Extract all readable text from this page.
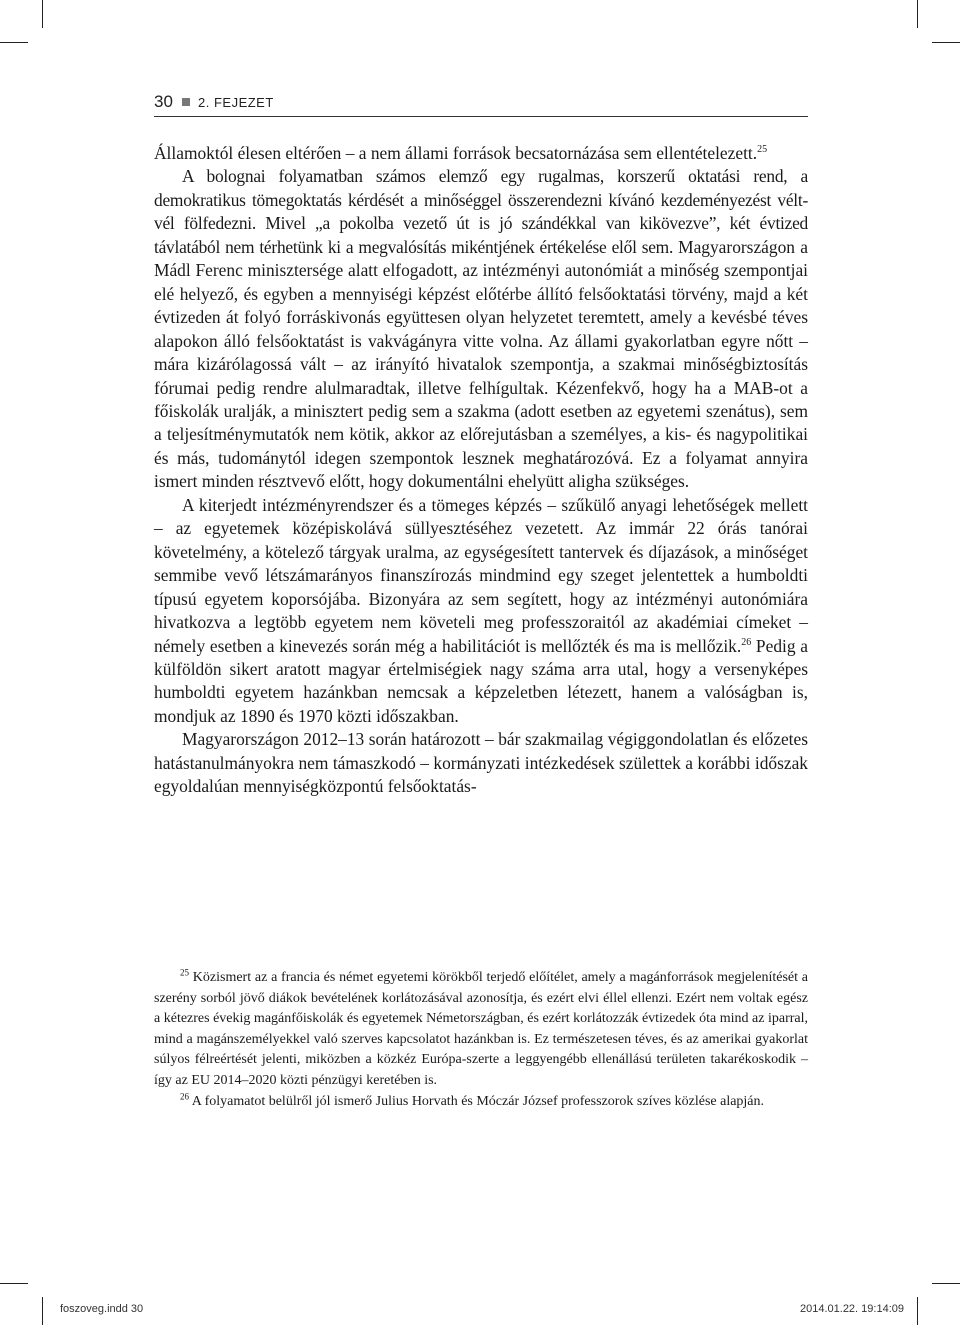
30 2. FEJEZET

Államoktól élesen eltérően – a nem állami források becsatornázása sem ellentételezett.$^{25}$

A bolognai folyamatban számos elemző egy rugalmas, korszerű oktatási rend, a demokratikus tömegoktatás kérdését a minőséggel összerendezni kívánó kezdeményezést vélt-vél fölfedezni. Mivel „a pokolba vezető út is jó szándékkal van kikövezve”, két évtized távlatából nem térhetünk ki a megvalósítás mikéntjének értékelése elől sem. Magyarországon a Mádl Ferenc minisztersége alatt elfogadott, az intézményi autonómiát a minőség szempontjai elé helyező, és egyben a mennyiségi képzést előtérbe állító felsőoktatási törvény, majd a két évtizeden át folyó forráskivonás együttesen olyan helyzetet teremtett, amely a kevésbé téves alapokon álló felsőoktatást is vakvágányra vitte volna. Az állami gyakorlatban egyre nőtt – mára kizárólagossá vált – az irányító hivatalok szempontja, a szakmai minőségbiztosítás fórumai pedig rendre alulmaradtak, illetve felhígultak. Kézenfekvő, hogy ha a MAB-ot a főiskolák uralják, a minisztert pedig sem a szakma (adott esetben az egyetemi szenátus), sem a teljesítménymutatók nem kötik, akkor az előrejutásban a személyes, a kis- és nagypolitikai és más, tudománytól idegen szempontok lesznek meghatározóvá. Ez a folyamat annyira ismert minden résztvevő előtt, hogy dokumentálni ehelyütt aligha szükséges.

A kiterjedt intézményrendszer és a tömeges képzés – szűkülő anyagi lehetőségek mellett – az egyetemek középiskolává süllyesztéséhez vezetett. Az immár 22 órás tanórai követelmény, a kötelező tárgyak uralma, az egységesített tantervek és díjazások, a minőséget semmibe vevő létszámarányos finanszírozás mindmind egy szeget jelentettek a humboldti típusú egyetem koporsójába. Bizonyára az sem segített, hogy az intézményi autonómiára hivatkozva a legtöbb egyetem nem követeli meg professzoraitól az akadémiai címeket – némely esetben a kinevezés során még a habilitációt is mellőzték és ma is mellőzik.$^{26}$ Pedig a külföldön sikert aratott magyar értelmiségiek nagy száma arra utal, hogy a versenyképes humboldti egyetem hazánkban nemcsak a képzeletben létezett, hanem a valóságban is, mondjuk az 1890 és 1970 közti időszakban.

Magyarországon 2012–13 során határozott – bár szakmailag végiggondolatlan és előzetes hatástanulmányokra nem támaszkodó – kormányzati intézkedések születtek a korábbi időszak egyoldalúan mennyiségközpontú felsőoktatás-

$^{25}$ Közismert az a francia és német egyetemi körökből terjedő előítélet, amely a magánforrások megjelenítését a szerény sorból jövő diákok bevételének korlátozásával azonosítja, és ezért elvi éllel ellenzi. Ezért nem voltak egész a kétezres évekig magánfőiskolák és egyetemek Németországban, és ezért korlátozzák évtizedek óta mind az iparral, mind a magánszemélyekkel való szerves kapcsolatot hazánkban is. Ez természetesen téves, és az amerikai gyakorlat súlyos félreértését jelenti, miközben a közkéz Európa-szerte a leggyengébb ellenállású területen takarékoskodik – így az EU 2014–2020 közti pénzügyi keretében is.

$^{26}$ A folyamatot belülről jól ismerő Julius Horvath és Móczár József professzorok szíves közlése alapján.

foszoveg.indd 30	2014.01.22. 19:14:09
